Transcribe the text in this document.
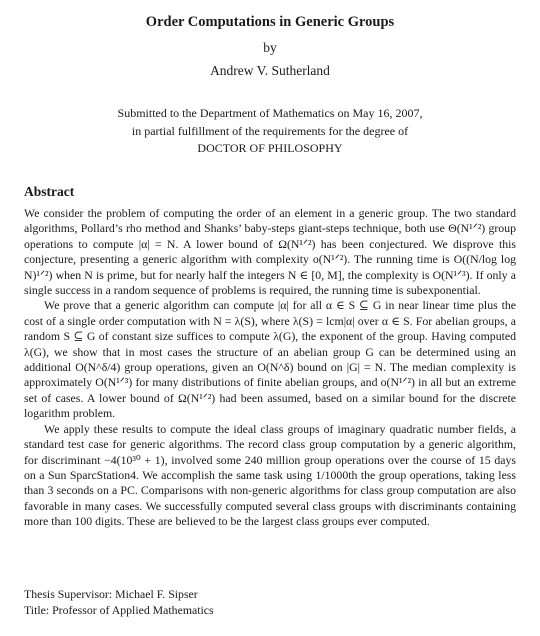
Order Computations in Generic Groups
by
Andrew V. Sutherland
Submitted to the Department of Mathematics on May 16, 2007,
in partial fulfillment of the requirements for the degree of
DOCTOR OF PHILOSOPHY
Abstract

We consider the problem of computing the order of an element in a generic group. The two standard algorithms, Pollard’s rho method and Shanks’ baby-steps giant-steps technique, both use Θ(N¹ᐟ²) group operations to compute |α| = N. A lower bound of Ω(N¹ᐟ²) has been conjectured. We disprove this conjecture, presenting a generic algorithm with complexity o(N¹ᐟ²). The running time is O((N/log log N)¹ᐟ²) when N is prime, but for nearly half the integers N ∈ [0, M], the complexity is O(N¹ᐟ³). If only a single success in a random sequence of problems is required, the running time is subexponential.

We prove that a generic algorithm can compute |α| for all α ∈ S ⊆ G in near linear time plus the cost of a single order computation with N = λ(S), where λ(S) = lcm|α| over α ∈ S. For abelian groups, a random S ⊆ G of constant size suffices to compute λ(G), the exponent of the group. Having computed λ(G), we show that in most cases the structure of an abelian group G can be determined using an additional O(N^δ/4) group operations, given an O(N^δ) bound on |G| = N. The median complexity is approximately O(N¹ᐟ³) for many distributions of finite abelian groups, and o(N¹ᐟ²) in all but an extreme set of cases. A lower bound of Ω(N¹ᐟ²) had been assumed, based on a similar bound for the discrete logarithm problem.

We apply these results to compute the ideal class groups of imaginary quadratic number fields, a standard test case for generic algorithms. The record class group computation by a generic algorithm, for discriminant −4(10³⁰ + 1), involved some 240 million group operations over the course of 15 days on a Sun SparcStation4. We accomplish the same task using 1/1000th the group operations, taking less than 3 seconds on a PC. Comparisons with non-generic algorithms for class group computation are also favorable in many cases. We successfully computed several class groups with discriminants containing more than 100 digits. These are believed to be the largest class groups ever computed.

Thesis Supervisor: Michael F. Sipser
Title: Professor of Applied Mathematics
